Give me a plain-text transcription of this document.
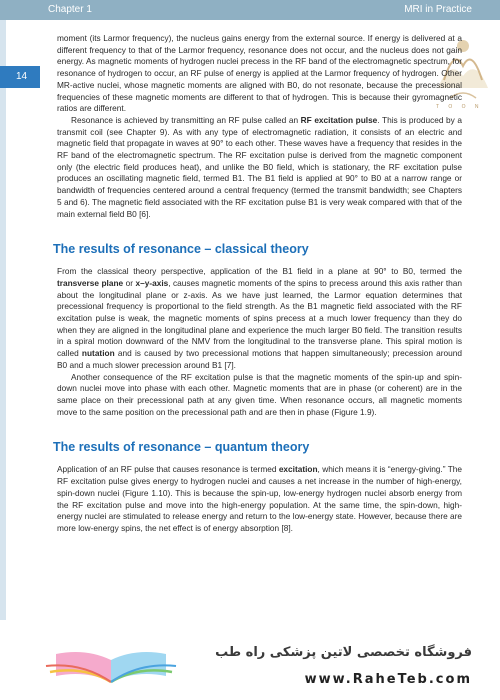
Chapter 1	MRI in Practice
14
T O O N

moment (its Larmor frequency), the nucleus gains energy from the external source. If energy is delivered at a different frequency to that of the Larmor frequency, resonance does not occur, and the nucleus does not gain energy. As magnetic moments of hydrogen nuclei precess in the RF band of the electromagnetic spectrum, for resonance of hydrogen to occur, an RF pulse of energy is applied at the Larmor frequency of hydrogen. Other MR-active nuclei, whose magnetic moments are aligned with B0, do not resonate, because the precessional frequencies of these magnetic moments are different to that of hydrogen. This is because their gyromagnetic ratios are different.

Resonance is achieved by transmitting an RF pulse called an RF excitation pulse. This is produced by a transmit coil (see Chapter 9). As with any type of electromagnetic radiation, it consists of an electric and magnetic field that propagate in waves at 90° to each other. These waves have a frequency that resides in the RF band of the electromagnetic spectrum. The RF excitation pulse is derived from the magnetic component only (the electric field produces heat), and unlike the B0 field, which is stationary, the RF excitation pulse produces an oscillating magnetic field, termed B1. The B1 field is applied at 90° to B0 at a narrow range or bandwidth of frequencies centered around a central frequency (termed the transmit bandwidth; see Chapters 5 and 6). The magnetic field associated with the RF excitation pulse B1 is very weak compared with that of the main external field B0 [6].

The results of resonance – classical theory

From the classical theory perspective, application of the B1 field in a plane at 90° to B0, termed the transverse plane or x–y-axis, causes magnetic moments of the spins to precess around this axis rather than about the longitudinal plane or z-axis. As we have just learned, the Larmor equation determines that precessional frequency is proportional to the field strength. As the B1 magnetic field associated with the RF excitation pulse is weak, the magnetic moments of spins precess at a much lower frequency than they do when they are aligned in the longitudinal plane and experience the much larger B0 field. The transition results in a spiral motion downward of the NMV from the longitudinal to the transverse plane. This spiral motion is called nutation and is caused by two precessional motions that happen simultaneously; precession around B0 and a much slower precession around B1 [7].

Another consequence of the RF excitation pulse is that the magnetic moments of the spin-up and spin-down nuclei move into phase with each other. Magnetic moments that are in phase (or coherent) are in the same place on their precessional path at any given time. When resonance occurs, all magnetic moments move to the same position on the precessional path and are then in phase (Figure 1.9).

The results of resonance – quantum theory

Application of an RF pulse that causes resonance is termed excitation, which means it is “energy-giving.” The RF excitation pulse gives energy to hydrogen nuclei and causes a net increase in the number of high-energy, spin-down nuclei (Figure 1.10). This is because the spin-up, low-energy hydrogen nuclei absorb energy from the RF excitation pulse and move into the high-energy population. At the same time, the spin-down, high-energy nuclei are stimulated to release energy and return to the low-energy state. However, because there are more low-energy spins, the net effect is of energy absorption [8].

فروشگاه تخصصی لاتین پزشکی راه طب
www.RaheTeb.com
